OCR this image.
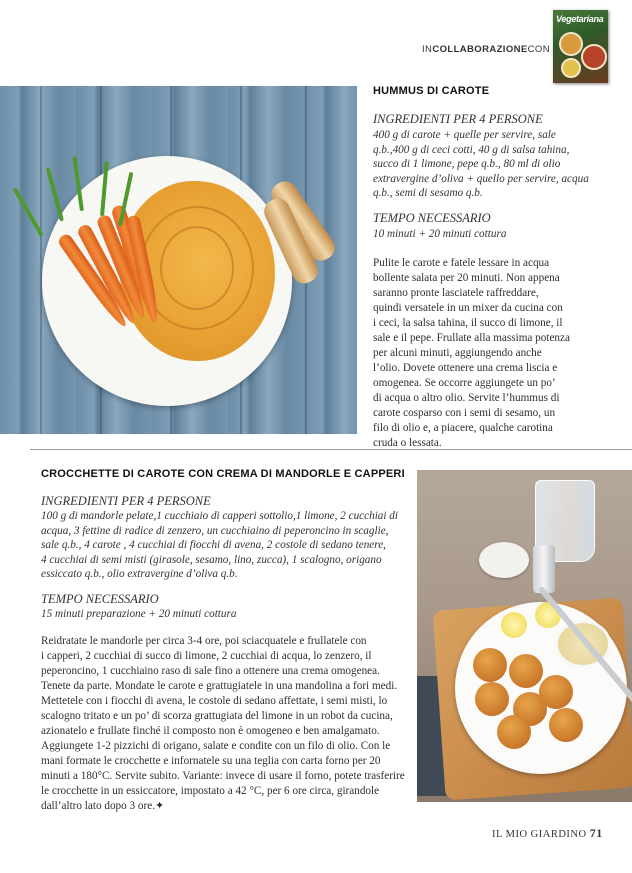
INCOLLABORAZIONECON
Vegetariana
HUMMUS DI CAROTE
INGREDIENTI PER 4 PERSONE
400 g di carote + quelle per servire, sale
q.b.,400 g di ceci cotti, 40 g di salsa tahina,
succo di 1 limone, pepe q.b., 80 ml di olio
extravergine d’oliva + quello per servire, acqua
q.b., semi di sesamo q.b.
TEMPO NECESSARIO
10 minuti + 20 minuti cottura
Pulite le carote e fatele lessare in acqua
bollente salata per 20 minuti. Non appena
saranno pronte lasciatele raffreddare,
quindi versatele in un mixer da cucina con
i ceci, la salsa tahina, il succo di limone, il
sale e il pepe. Frullate alla massima potenza
per alcuni minuti, aggiungendo anche
l’olio. Dovete ottenere una crema liscia e
omogenea. Se occorre aggiungete un po’
di acqua o altro olio. Servite l’hummus di
carote cosparso con i semi di sesamo, un
filo di olio e, a piacere, qualche carotina
cruda o lessata.
CROCCHETTE DI CAROTE CON CREMA DI MANDORLE E CAPPERI
INGREDIENTI PER 4 PERSONE
100 g di mandorle pelate,1 cucchiaio di capperi sottolio,1 limone, 2 cucchiai di
acqua, 3 fettine di radice di zenzero, un cucchiaino di peperoncino in scaglie,
sale q.b., 4 carote , 4 cucchiai di fiocchi di avena, 2 costole di sedano tenere,
4 cucchiai di semi misti (girasole, sesamo, lino, zucca), 1 scalogno, origano
essiccato q.b., olio extravergine d’oliva q.b.
TEMPO NECESSARIO
15 minuti preparazione + 20 minuti cottura
Reidratate le mandorle per circa 3-4 ore, poi sciacquatele e frullatele con
i capperi, 2 cucchiai di succo di limone, 2 cucchiai di acqua, lo zenzero, il
peperoncino, 1 cucchiaino raso di sale fino a ottenere una crema omogenea.
Tenete da parte. Mondate le carote e grattugiatele in una mandolina a fori medi.
Mettetele con i fiocchi di avena, le costole di sedano affettate, i semi misti, lo
scalogno tritato e un po’ di scorza grattugiata del limone in un robot da cucina,
azionatelo e frullate finché il composto non è omogeneo e ben amalgamato.
Aggiungete 1-2 pizzichi di origano, salate e condite con un filo di olio. Con le
mani formate le crocchette e infornatele su una teglia con carta forno per 20
minuti a 180°C. Servite subito. Variante: invece di usare il forno, potete trasferire
le crocchette in un essiccatore, impostato a 42 °C, per 6 ore circa, girandole
dall’altro lato dopo 3 ore.✦
IL MIO GIARDINO 71
